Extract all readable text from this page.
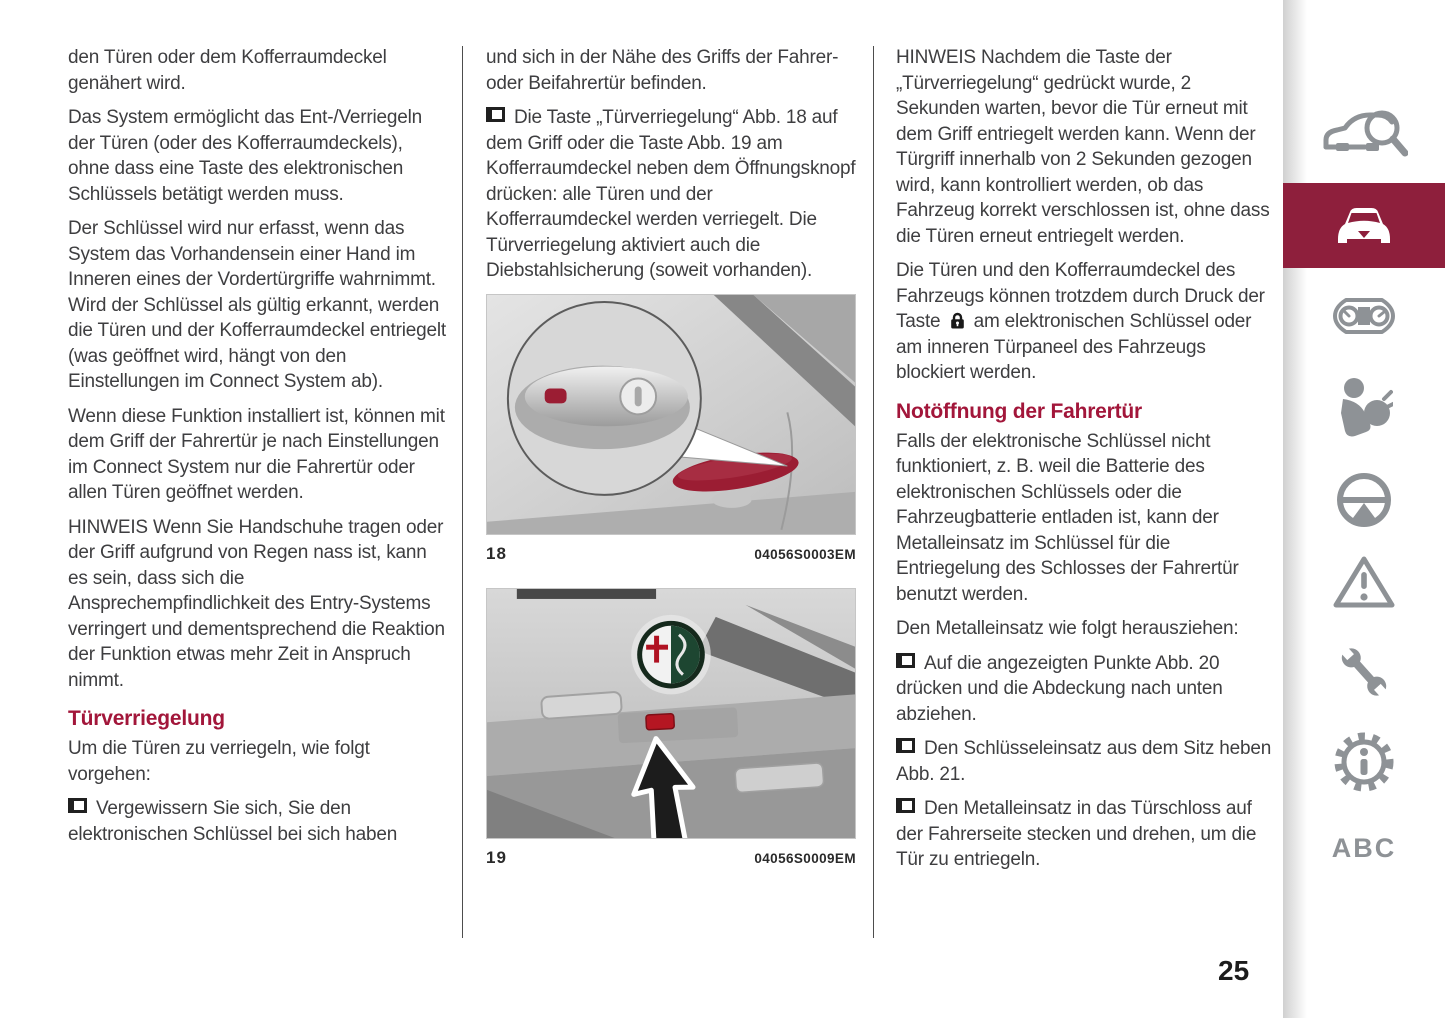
den Türen oder dem Kofferraumdeckel genähert wird.

Das System ermöglicht das Ent-/Verriegeln der Türen (oder des Kofferraumdeckels), ohne dass eine Taste des elektronischen Schlüssels betätigt werden muss.

Der Schlüssel wird nur erfasst, wenn das System das Vorhandensein einer Hand im Inneren eines der Vordertürgriffe wahrnimmt. Wird der Schlüssel als gültig erkannt, werden die Türen und der Kofferraumdeckel entriegelt (was geöffnet wird, hängt von den Einstellungen im Connect System ab).

Wenn diese Funktion installiert ist, können mit dem Griff der Fahrertür je nach Einstellungen im Connect System nur die Fahrertür oder allen Türen geöffnet werden.

HINWEIS Wenn Sie Handschuhe tragen oder der Griff aufgrund von Regen nass ist, kann es sein, dass sich die Ansprechempfindlichkeit des Entry-Systems verringert und dementsprechend die Reaktion der Funktion etwas mehr Zeit in Anspruch nimmt.

Türverriegelung

Um die Türen zu verriegeln, wie folgt vorgehen:

Vergewissern Sie sich, Sie den elektronischen Schlüssel bei sich haben

und sich in der Nähe des Griffs der Fahrer- oder Beifahrertür befinden.

Die Taste „Türverriegelung“ Abb. 18 auf dem Griff oder die Taste Abb. 19 am Kofferraumdeckel neben dem Öffnungsknopf drücken: alle Türen und der Kofferraumdeckel werden verriegelt. Die Türverriegelung aktiviert auch die Diebstahlsicherung (soweit vorhanden).

18	04056S0003EM
19	04056S0009EM

HINWEIS Nachdem die Taste der „Türverriegelung“ gedrückt wurde, 2 Sekunden warten, bevor die Tür erneut mit dem Griff entriegelt werden kann. Wenn der Türgriff innerhalb von 2 Sekunden gezogen wird, kann kontrolliert werden, ob das Fahrzeug korrekt verschlossen ist, ohne dass die Türen erneut entriegelt werden.

Die Türen und den Kofferraumdeckel des Fahrzeugs können trotzdem durch Druck der Taste am elektronischen Schlüssel oder am inneren Türpaneel des Fahrzeugs blockiert werden.

Notöffnung der Fahrertür

Falls der elektronische Schlüssel nicht funktioniert, z. B. weil die Batterie des elektronischen Schlüssels oder die Fahrzeugbatterie entladen ist, kann der Metalleinsatz im Schlüssel für die Entriegelung des Schlosses der Fahrertür benutzt werden.

Den Metalleinsatz wie folgt herausziehen:

Auf die angezeigten Punkte Abb. 20 drücken und die Abdeckung nach unten abziehen.

Den Schlüsseleinsatz aus dem Sitz heben Abb. 21.

Den Metalleinsatz in das Türschloss auf der Fahrerseite stecken und drehen, um die Tür zu entriegeln.	ABC
25
